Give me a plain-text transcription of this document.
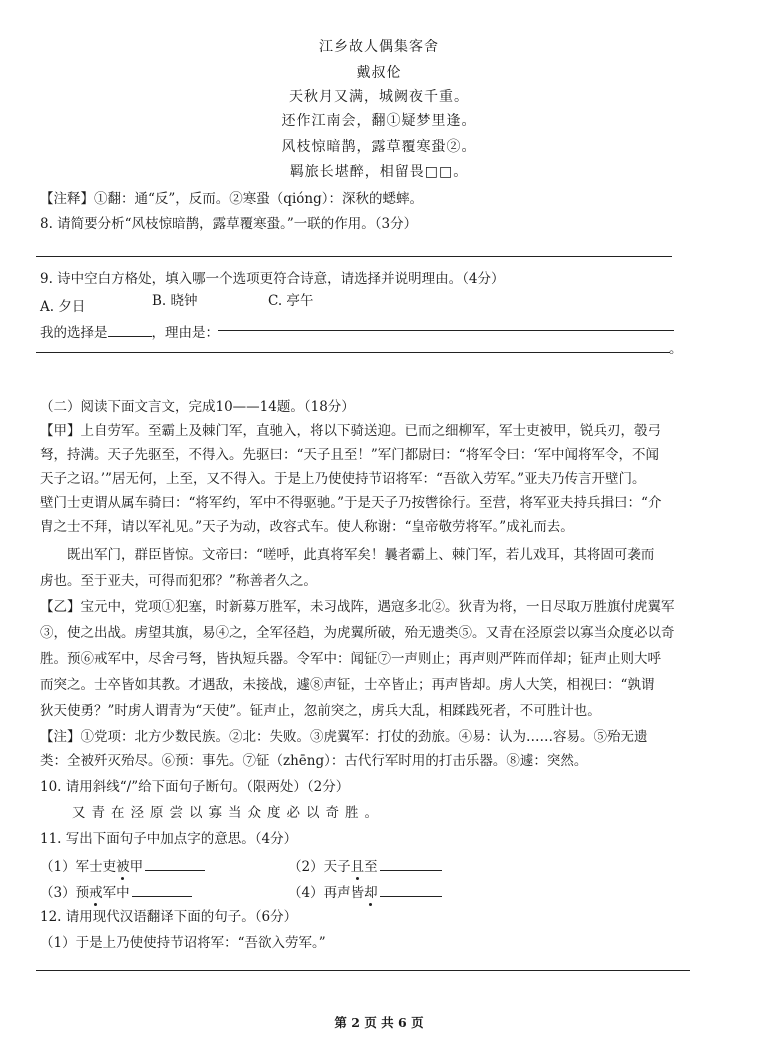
江乡故人偶集客舍
戴叔伦
天秋月又满，城阙夜千重。
还作江南会，翻①疑梦里逢。
风枝惊暗鹊，露草覆寒蛩②。
羁旅长堪醉，相留畏□□。
【注释】①翻：通“反”，反而。②寒蛩（qióng）：深秋的蟋蟀。
8. 请简要分析“风枝惊暗鹊，露草覆寒蛩。”一联的作用。（3分）
9. 诗中空白方格处，填入哪一个选项更符合诗意，请选择并说明理由。（4分）
A. 夕日	B. 晓钟	C. 亭午
我的选择是	，理由是：
。
（二）阅读下面文言文，完成10——14题。（18分）
【甲】上自劳军。至霸上及棘门军，直驰入，将以下骑送迎。已而之细柳军，军士吏被甲，锐兵刃，彀弓
弩，持满。天子先驱至，不得入。先驱曰：“天子且至！”军门都尉曰：“将军令曰：‘军中闻将军令，不闻
天子之诏。’”居无何，上至，又不得入。于是上乃使使持节诏将军：“吾欲入劳军。”亚夫乃传言开壁门。
壁门士吏谓从属车骑曰：“将军约，军中不得驱驰。”于是天子乃按辔徐行。至营，将军亚夫持兵揖曰：“介
胄之士不拜，请以军礼见。”天子为动，改容式车。使人称谢：“皇帝敬劳将军。”成礼而去。
　　既出军门，群臣皆惊。文帝曰：“嗟呼，此真将军矣！曩者霸上、棘门军，若儿戏耳，其将固可袭而
虏也。至于亚夫，可得而犯邪？”称善者久之。
【乙】宝元中，党项①犯塞，时新募万胜军，未习战阵，遇寇多北②。狄青为将，一日尽取万胜旗付虎翼军
③，使之出战。虏望其旗，易④之，全军径趋，为虎翼所破，殆无遗类⑤。又青在泾原尝以寡当众度必以奇
胜。预⑥戒军中，尽舍弓弩，皆执短兵器。令军中：闻钲⑦一声则止；再声则严阵而佯却；钲声止则大呼
而突之。士卒皆如其教。才遇敌，未接战，遽⑧声钲，士卒皆止；再声皆却。虏人大笑，相视曰：“孰谓
狄天使勇？”时虏人谓青为“天使”。钲声止，忽前突之，虏兵大乱，相蹂践死者，不可胜计也。
【注】①党项：北方少数民族。②北：失败。③虎翼军：打仗的劲旅。④易：认为……容易。⑤殆无遗
类：全被歼灭殆尽。⑥预：事先。⑦钲（zhēng）：古代行军时用的打击乐器。⑧遽：突然。
10. 请用斜线“/”给下面句子断句。（限两处）（2分）
又青在泾原尝以寡当众度必以奇胜。
11. 写出下面句子中加点字的意思。（4分）
（1）军士吏被甲	（2）天子且至
（3）预戒军中	（4）再声皆却
12. 请用现代汉语翻译下面的句子。（6分）
（1）于是上乃使使持节诏将军：“吾欲入劳军。”
第 2 页 共 6 页
